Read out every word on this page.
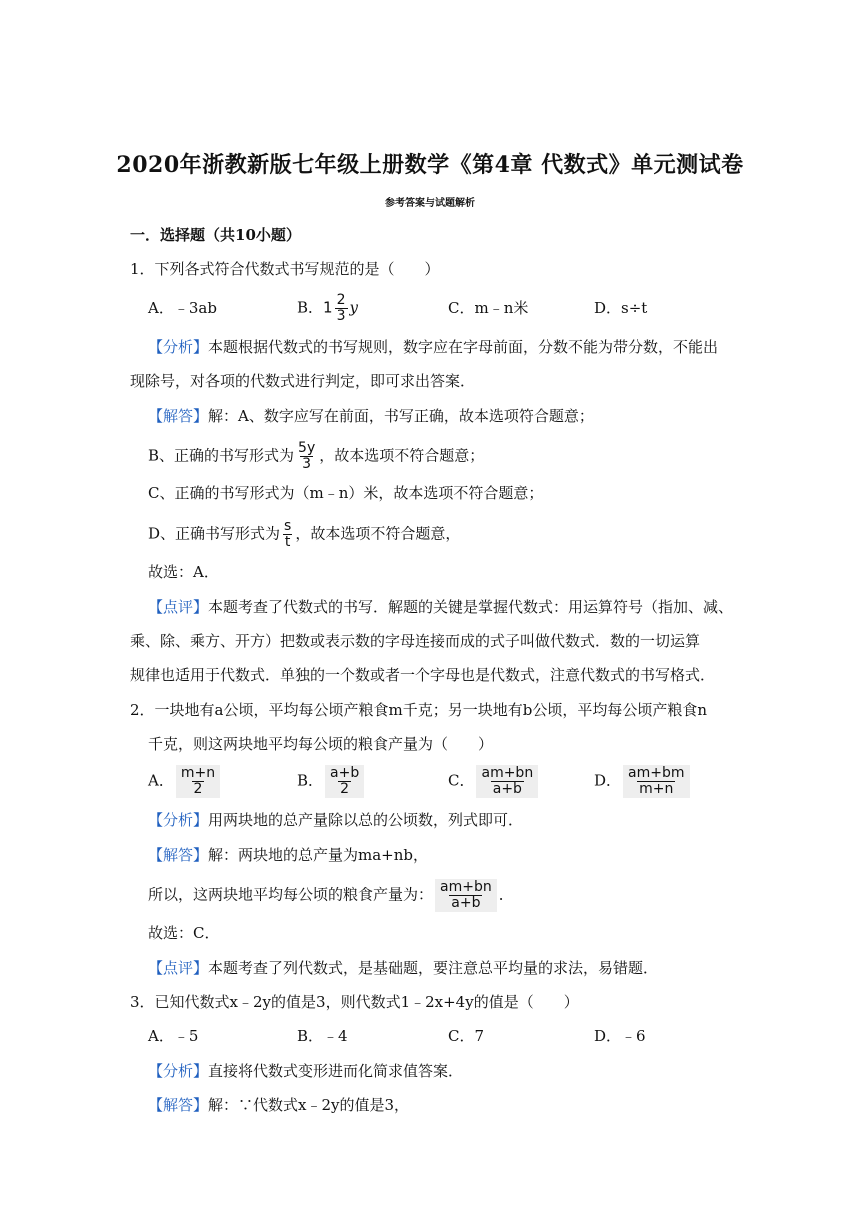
2020年浙教新版七年级上册数学《第4章 代数式》单元测试卷
参考答案与试题解析
一．选择题（共10小题）
1．下列各式符合代数式书写规范的是（　　）
A．﹣3ab	B．$1 \frac{2}{3}$ y	C．m﹣n米	D．s÷t
【分析】本题根据代数式的书写规则，数字应在字母前面，分数不能为带分数，不能出
现除号，对各项的代数式进行判定，即可求出答案．
【解答】解：A、数字应写在前面，书写正确，故本选项符合题意；
B、正确的书写形式为 $\frac{5y}{3}$ ，故本选项不符合题意；
C、正确的书写形式为（m﹣n）米，故本选项不符合题意；
D、正确书写形式为 $\frac{s}{t}$ ，故本选项不符合题意，
故选：A．
【点评】本题考查了代数式的书写．解题的关键是掌握代数式：用运算符号（指加、减、
乘、除、乘方、开方）把数或表示数的字母连接而成的式子叫做代数式．数的一切运算
规律也适用于代数式．单独的一个数或者一个字母也是代数式，注意代数式的书写格式．
2．一块地有a公顷，平均每公顷产粮食m千克；另一块地有b公顷，平均每公顷产粮食n
千克，则这两块地平均每公顷的粮食产量为（　　）
A． $\frac{m+n}{2}$	B． $\frac{a+b}{2}$	C． $\frac{am+bn}{a+b}$	D． $\frac{am+bm}{m+n}$
【分析】用两块地的总产量除以总的公顷数，列式即可．
【解答】解：两块地的总产量为ma+nb，
所以，这两块地平均每公顷的粮食产量为： $\frac{am+bn}{a+b}$ ．
故选：C．
【点评】本题考查了列代数式，是基础题，要注意总平均量的求法，易错题．
3．已知代数式x﹣2y的值是3，则代数式1﹣2x+4y的值是（　　）
A．﹣5	B．﹣4	C．7	D．﹣6
【分析】直接将代数式变形进而化简求值答案．
【解答】解：∵代数式x﹣2y的值是3，
